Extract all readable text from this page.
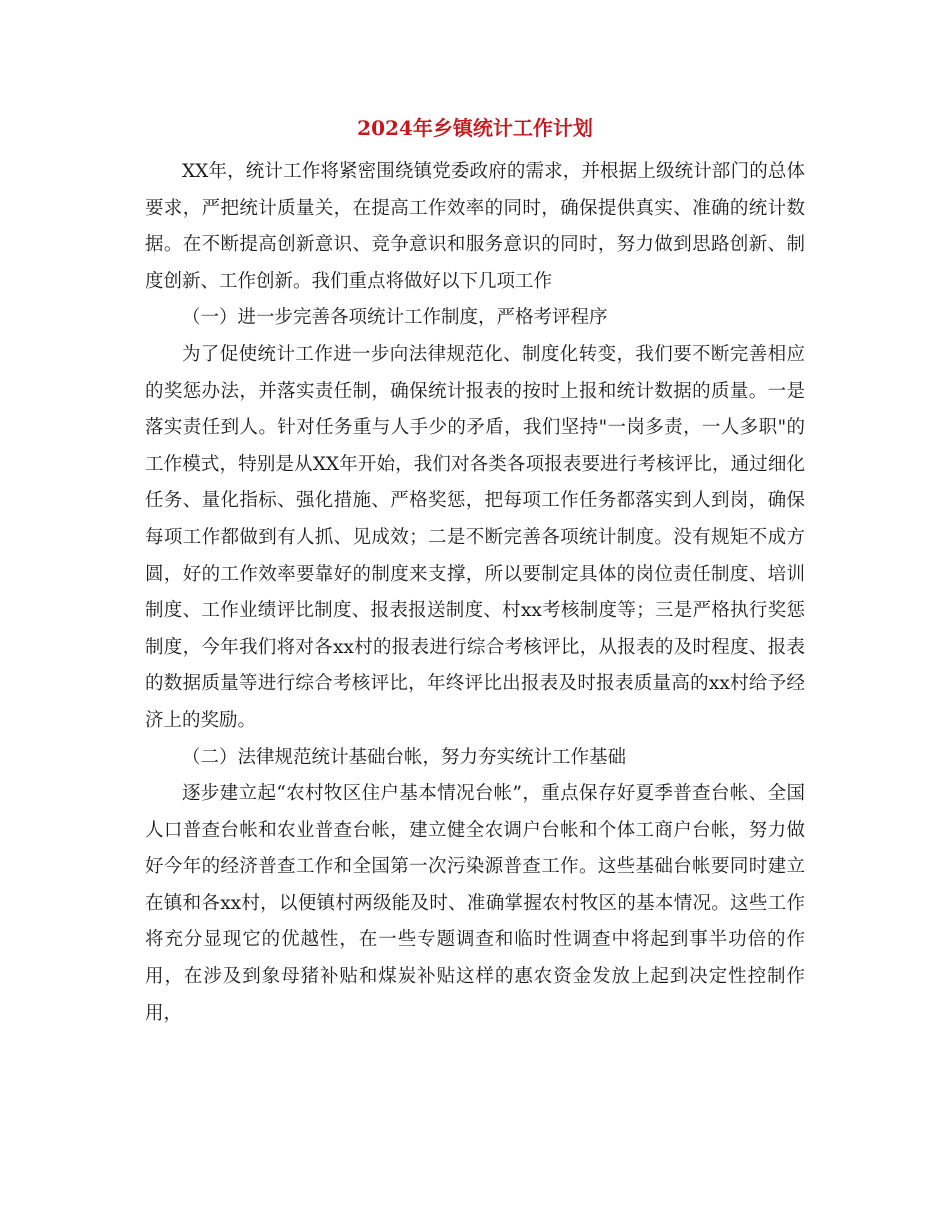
2024年乡镇统计工作计划

XX年，统计工作将紧密围绕镇党委政府的需求，并根据上级统计部门的总体要求，严把统计质量关，在提高工作效率的同时，确保提供真实、准确的统计数据。在不断提高创新意识、竞争意识和服务意识的同时，努力做到思路创新、制度创新、工作创新。我们重点将做好以下几项工作

（一）进一步完善各项统计工作制度，严格考评程序

为了促使统计工作进一步向法律规范化、制度化转变，我们要不断完善相应的奖惩办法，并落实责任制，确保统计报表的按时上报和统计数据的质量。一是落实责任到人。针对任务重与人手少的矛盾，我们坚持"一岗多责，一人多职"的工作模式，特别是从XX年开始，我们对各类各项报表要进行考核评比，通过细化任务、量化指标、强化措施、严格奖惩，把每项工作任务都落实到人到岗，确保每项工作都做到有人抓、见成效；二是不断完善各项统计制度。没有规矩不成方圆，好的工作效率要靠好的制度来支撑，所以要制定具体的岗位责任制度、培训制度、工作业绩评比制度、报表报送制度、村xx考核制度等；三是严格执行奖惩制度，今年我们将对各xx村的报表进行综合考核评比，从报表的及时程度、报表的数据质量等进行综合考核评比，年终评比出报表及时报表质量高的xx村给予经济上的奖励。

（二）法律规范统计基础台帐，努力夯实统计工作基础

逐步建立起“农村牧区住户基本情况台帐”，重点保存好夏季普查台帐、全国人口普查台帐和农业普查台帐，建立健全农调户台帐和个体工商户台帐，努力做好今年的经济普查工作和全国第一次污染源普查工作。这些基础台帐要同时建立在镇和各xx村，以便镇村两级能及时、准确掌握农村牧区的基本情况。这些工作将充分显现它的优越性，在一些专题调查和临时性调查中将起到事半功倍的作用，在涉及到象母猪补贴和煤炭补贴这样的惠农资金发放上起到决定性控制作用，
